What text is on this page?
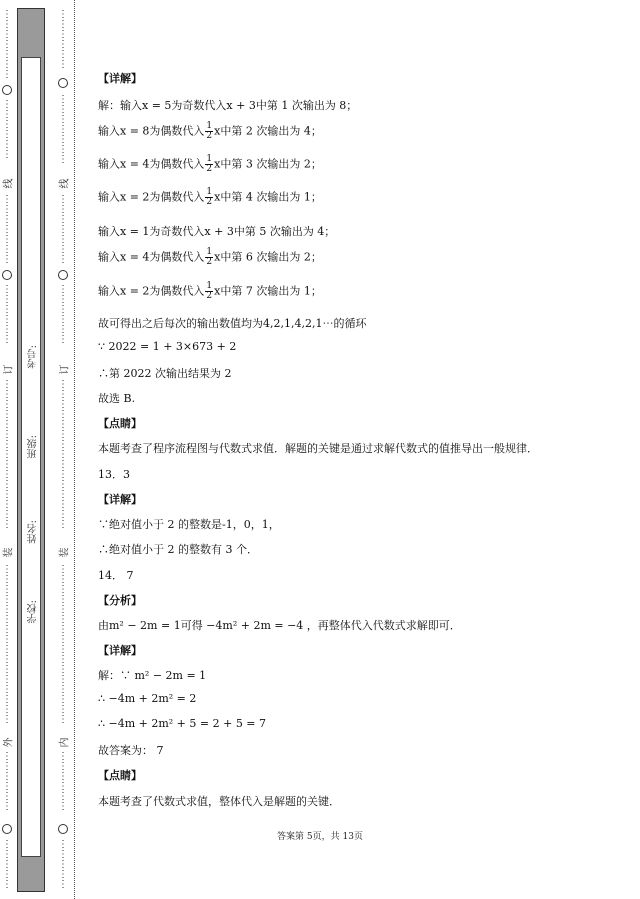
⋮
⋮
⋮
⋮
⋮
⋮
⋮
⋮
⋮
⋮
⋮
⋮
⋮
线
⋮
⋮
⋮
⋮
⋮
⋮
⋮
⋮
⋮
⋮
⋮
⋮
⋮
订
⋮
⋮
⋮
⋮
⋮
⋮
⋮
⋮
⋮
⋮
⋮
⋮
⋮
⋮
⋮
装
⋮
⋮
⋮
⋮
⋮
⋮
⋮
⋮
⋮
⋮
⋮
⋮
⋮
⋮
⋮
⋮
外
⋮
⋮
⋮
⋮
⋮
⋮
⋮
⋮
⋮
⋮
⋮
学校:
姓名:
班级:
考号:
⋮
⋮
⋮
⋮
⋮
⋮
⋮
⋮
⋮
⋮
⋮
⋮
⋮
线
⋮
⋮
⋮
⋮
⋮
⋮
⋮
⋮
⋮
⋮
⋮
⋮
⋮
订
⋮
⋮
⋮
⋮
⋮
⋮
⋮
⋮
⋮
⋮
⋮
⋮
⋮
⋮
⋮
装
⋮
⋮
⋮
⋮
⋮
⋮
⋮
⋮
⋮
⋮
⋮
⋮
⋮
⋮
⋮
⋮
内
⋮
⋮
⋮
⋮
⋮
⋮
⋮
⋮
⋮
⋮
⋮
【详解】
解：输入x = 5为奇数代入x + 3中第 1 次输出为 8；
输入x = 8为偶数代入 $\frac{1}{2}$ x中第 2 次输出为 4；
输入x = 4为偶数代入 $\frac{1}{2}$ x中第 3 次输出为 2；
输入x = 2为偶数代入 $\frac{1}{2}$ x中第 4 次输出为 1；
输入x = 1为奇数代入x + 3中第 5 次输出为 4；
输入x = 4为偶数代入 $\frac{1}{2}$ x中第 6 次输出为 2；
输入x = 2为偶数代入 $\frac{1}{2}$ x中第 7 次输出为 1；
故可得出之后每次的输出数值均为4,2,1,4,2,1⋯的循环
∵ 2022 = 1 + 3×673 + 2
∴第 2022 次输出结果为 2
故选 B.
【点睛】
本题考查了程序流程图与代数式求值．解题的关键是通过求解代数式的值推导出一般规律．
13．3
【详解】
∵绝对值小于 2 的整数是-1，0，1，
∴绝对值小于 2 的整数有 3 个．
14． 7
【分析】
由m² − 2m = 1可得 −4m² + 2m = −4 ，再整体代入代数式求解即可．
【详解】
解：∵ m² − 2m = 1
∴ −4m + 2m² = 2
∴ −4m + 2m² + 5 = 2 + 5 = 7
故答案为： 7
【点睛】
本题考查了代数式求值，整体代入是解题的关键．
答案第 5页，共 13页
